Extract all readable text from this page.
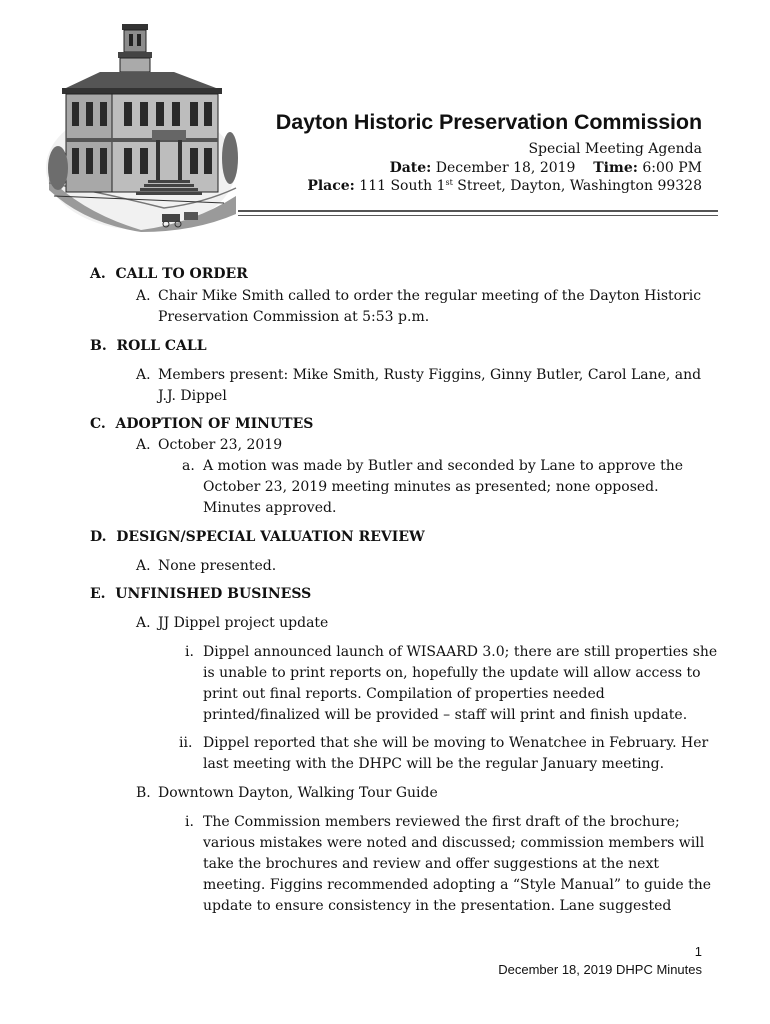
Dayton Historic Preservation Commission
Special Meeting Agenda
Date: December 18, 2019 Time: 6:00 PM
Place: 111 South 1st Street, Dayton, Washington 99328
A. CALL TO ORDER
A. Chair Mike Smith called to order the regular meeting of the Dayton Historic
Preservation Commission at 5:53 p.m.
B. ROLL CALL
A. Members present: Mike Smith, Rusty Figgins, Ginny Butler, Carol Lane, and
J.J. Dippel
C. ADOPTION OF MINUTES
A. October 23, 2019
a. A motion was made by Butler and seconded by Lane to approve the
October 23, 2019 meeting minutes as presented; none opposed.
Minutes approved.
D. DESIGN/SPECIAL VALUATION REVIEW
A. None presented.
E. UNFINISHED BUSINESS
A. JJ Dippel project update
i. Dippel announced launch of WISAARD 3.0; there are still properties she
is unable to print reports on, hopefully the update will allow access to
print out final reports. Compilation of properties needed
printed/finalized will be provided – staff will print and finish update.
ii. Dippel reported that she will be moving to Wenatchee in February. Her
last meeting with the DHPC will be the regular January meeting.
B. Downtown Dayton, Walking Tour Guide
i. The Commission members reviewed the first draft of the brochure;
various mistakes were noted and discussed; commission members will
take the brochures and review and offer suggestions at the next
meeting. Figgins recommended adopting a “Style Manual” to guide the
update to ensure consistency in the presentation. Lane suggested
1
December 18, 2019 DHPC Minutes
